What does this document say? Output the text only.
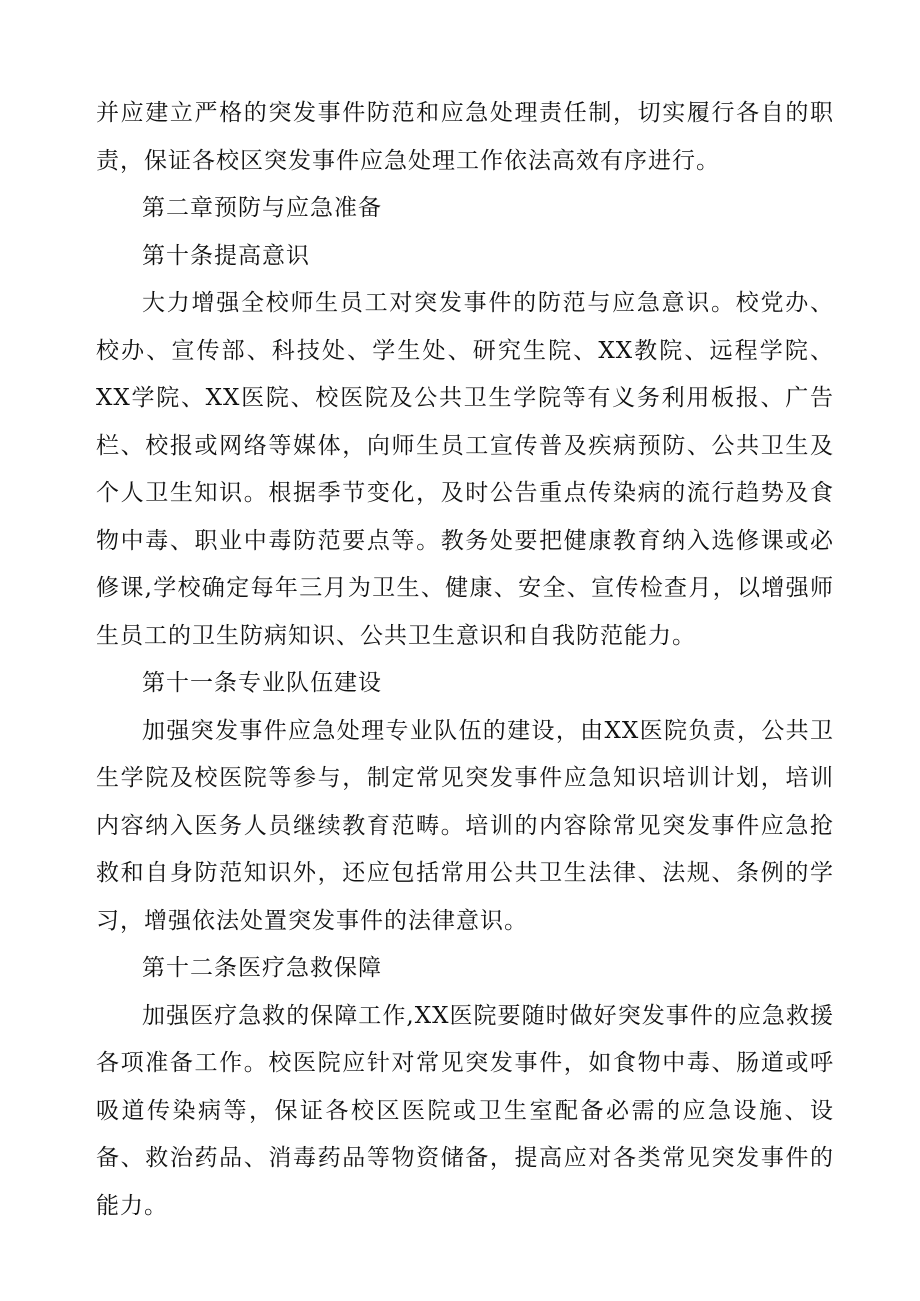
并应建立严格的突发事件防范和应急处理责任制，切实履行各自的职责，保证各校区突发事件应急处理工作依法高效有序进行。

第二章预防与应急准备

第十条提高意识

大力增强全校师生员工对突发事件的防范与应急意识。校党办、校办、宣传部、科技处、学生处、研究生院、XX教院、远程学院、XX学院、XX医院、校医院及公共卫生学院等有义务利用板报、广告栏、校报或网络等媒体，向师生员工宣传普及疾病预防、公共卫生及个人卫生知识。根据季节变化，及时公告重点传染病的流行趋势及食物中毒、职业中毒防范要点等。教务处要把健康教育纳入选修课或必修课,学校确定每年三月为卫生、健康、安全、宣传检查月，以增强师生员工的卫生防病知识、公共卫生意识和自我防范能力。

第十一条专业队伍建设

加强突发事件应急处理专业队伍的建设，由XX医院负责，公共卫生学院及校医院等参与，制定常见突发事件应急知识培训计划，培训内容纳入医务人员继续教育范畴。培训的内容除常见突发事件应急抢救和自身防范知识外，还应包括常用公共卫生法律、法规、条例的学习，增强依法处置突发事件的法律意识。

第十二条医疗急救保障

加强医疗急救的保障工作,XX医院要随时做好突发事件的应急救援各项准备工作。校医院应针对常见突发事件，如食物中毒、肠道或呼吸道传染病等，保证各校区医院或卫生室配备必需的应急设施、设备、救治药品、消毒药品等物资储备，提高应对各类常见突发事件的能力。
